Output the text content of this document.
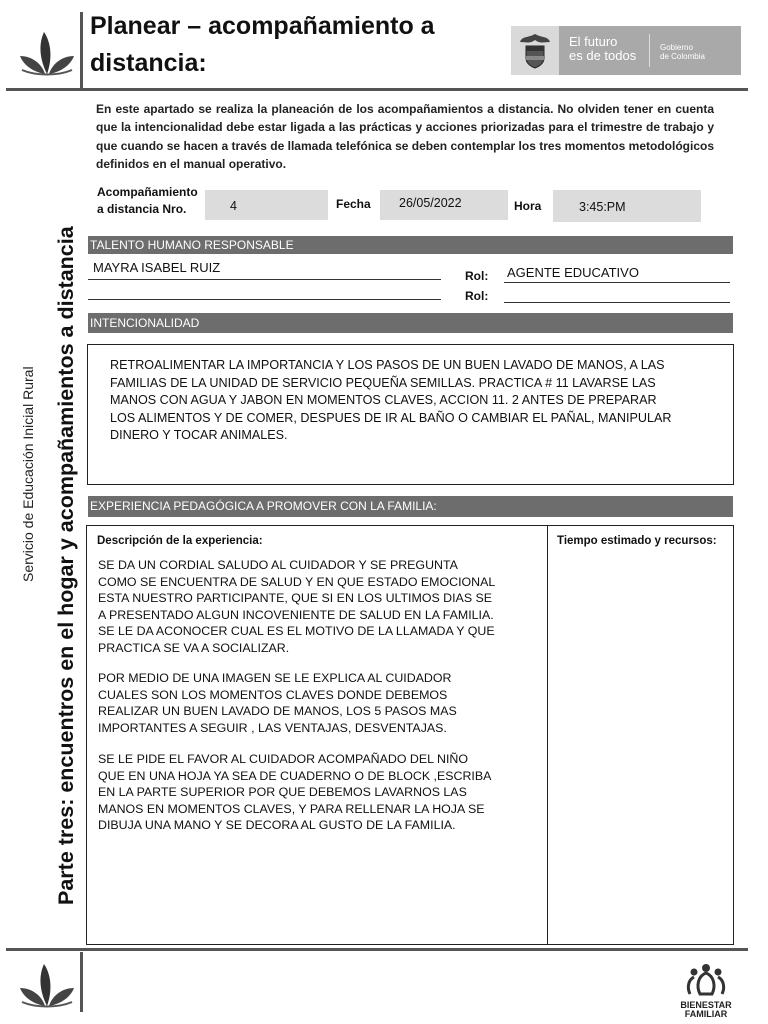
Planear – acompañamiento a distancia:
El futuro
es de todos
Gobierno
de Colombia
Servicio de Educación Inicial Rural Parte tres: encuentros en el hogar y acompañamientos a distancia
En este apartado se realiza la planeación de los acompañamientos a distancia. No olviden tener en cuenta que la intencionalidad debe estar ligada a las prácticas y acciones priorizadas para el trimestre de trabajo y que cuando se hacen a través de llamada telefónica se deben contemplar los tres momentos metodológicos definidos en el manual operativo.
Acompañamiento
a distancia Nro.	4	Fecha	26/05/2022	Hora	3:45:PM
TALENTO HUMANO RESPONSABLE
MAYRA ISABEL RUIZ
Rol: AGENTE EDUCATIVO
Rol:
INTENCIONALIDAD
RETROALIMENTAR LA IMPORTANCIA Y LOS PASOS DE UN BUEN LAVADO DE MANOS, A LAS FAMILIAS DE LA UNIDAD DE SERVICIO PEQUEÑA SEMILLAS. PRACTICA # 11 LAVARSE LAS MANOS CON AGUA Y JABON EN MOMENTOS CLAVES, ACCION 11. 2 ANTES DE PREPARAR LOS ALIMENTOS Y DE COMER, DESPUES DE IR AL BAÑO O CAMBIAR EL PAÑAL, MANIPULAR DINERO Y TOCAR ANIMALES.
EXPERIENCIA PEDAGÓGICA A PROMOVER CON LA FAMILIA:
Descripción de la experiencia:	Tiempo estimado y recursos:
SE DA UN CORDIAL SALUDO AL CUIDADOR Y SE PREGUNTA
COMO SE ENCUENTRA DE SALUD Y EN QUE ESTADO EMOCIONAL
ESTA NUESTRO PARTICIPANTE, QUE SI EN LOS ULTIMOS DIAS SE
A PRESENTADO ALGUN INCOVENIENTE DE SALUD EN LA FAMILIA.
SE LE DA ACONOCER CUAL ES EL MOTIVO DE LA LLAMADA Y QUE
PRACTICA SE VA A SOCIALIZAR.
POR MEDIO DE UNA IMAGEN SE LE EXPLICA AL CUIDADOR
CUALES SON LOS MOMENTOS CLAVES DONDE DEBEMOS
REALIZAR UN BUEN LAVADO DE MANOS, LOS 5 PASOS MAS
IMPORTANTES A SEGUIR , LAS VENTAJAS, DESVENTAJAS.
SE LE PIDE EL FAVOR AL CUIDADOR ACOMPAÑADO DEL NIÑO
QUE EN UNA HOJA YA SEA DE CUADERNO O DE BLOCK ,ESCRIBA
EN LA PARTE SUPERIOR POR QUE DEBEMOS LAVARNOS LAS
MANOS EN MOMENTOS CLAVES, Y PARA RELLENAR LA HOJA SE
DIBUJA UNA MANO Y SE DECORA AL GUSTO DE LA FAMILIA.
BIENESTAR
FAMILIAR
